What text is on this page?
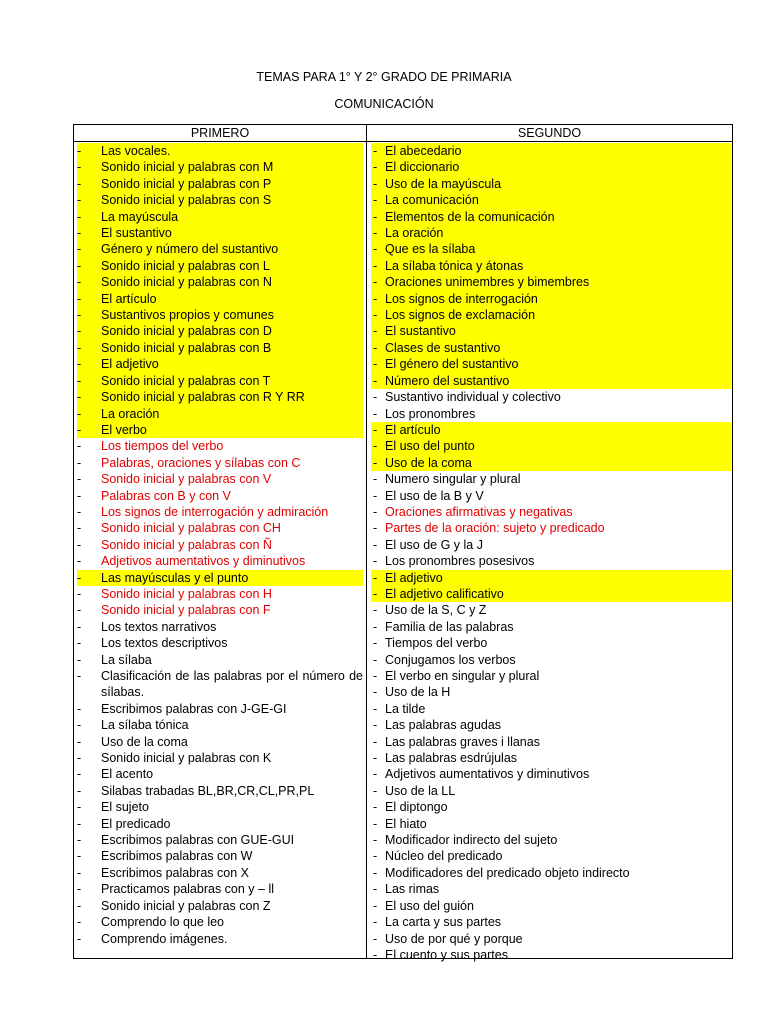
TEMAS PARA 1° Y 2° GRADO DE PRIMARIA
COMUNICACIÓN
PRIMERO	SEGUNDO
- Las vocales.
- Sonido inicial y palabras con M
- Sonido inicial y palabras con P
- Sonido inicial y palabras con S
- La mayúscula
- El sustantivo
- Género y número del sustantivo
- Sonido inicial y palabras con L
- Sonido inicial y palabras con N
- El artículo
- Sustantivos propios y comunes
- Sonido inicial y palabras con D
- Sonido inicial y palabras con B
- El adjetivo
- Sonido inicial y palabras con T
- Sonido inicial y palabras con R Y RR
- La oración
- El verbo
- Los tiempos del verbo
- Palabras, oraciones y sílabas con C
- Sonido inicial y palabras con V
- Palabras con B y con V
- Los signos de interrogación y admiración
- Sonido inicial y palabras con CH
- Sonido inicial y palabras con Ñ
- Adjetivos aumentativos y diminutivos
- Las mayúsculas y el punto
- Sonido inicial y palabras con H
- Sonido inicial y palabras con F
- Los textos narrativos
- Los textos descriptivos
- La sílaba
- Clasificación de las palabras por el número de sílabas.
- Escribimos palabras con J-GE-GI
- La sílaba tónica
- Uso de la coma
- Sonido inicial y palabras con K
- El acento
- Silabas trabadas BL,BR,CR,CL,PR,PL
- El sujeto
- El predicado
- Escribimos palabras con GUE-GUI
- Escribimos palabras con W
- Escribimos palabras con X
- Practicamos palabras con y – ll
- Sonido inicial y palabras con Z
- Comprendo lo que leo
- Comprendo imágenes.
- El abecedario
- El diccionario
- Uso de la mayúscula
- La comunicación
- Elementos de la comunicación
- La oración
- Que es la sílaba
- La sílaba tónica y átonas
- Oraciones unimembres y bimembres
- Los signos de interrogación
- Los signos de exclamación
- El sustantivo
- Clases de sustantivo
- El género del sustantivo
- Número del sustantivo
- Sustantivo individual y colectivo
- Los pronombres
- El artículo
- El uso del punto
- Uso de la coma
- Numero singular y plural
- El uso de la B y V
- Oraciones afirmativas y negativas
- Partes de la oración: sujeto y predicado
- El uso de G y la J
- Los pronombres posesivos
- El adjetivo
- El adjetivo calificativo
- Uso de la S, C y Z
- Familia de las palabras
- Tiempos del verbo
- Conjugamos los verbos
- El verbo en singular y plural
- Uso de la H
- La tilde
- Las palabras agudas
- Las palabras graves i llanas
- Las palabras esdrújulas
- Adjetivos aumentativos y diminutivos
- Uso de la LL
- El diptongo
- El hiato
- Modificador indirecto del sujeto
- Núcleo del predicado
- Modificadores del predicado objeto indirecto
- Las rimas
- El uso del guión
- La carta y sus partes
- Uso de por qué y porque
- El cuento y sus partes
